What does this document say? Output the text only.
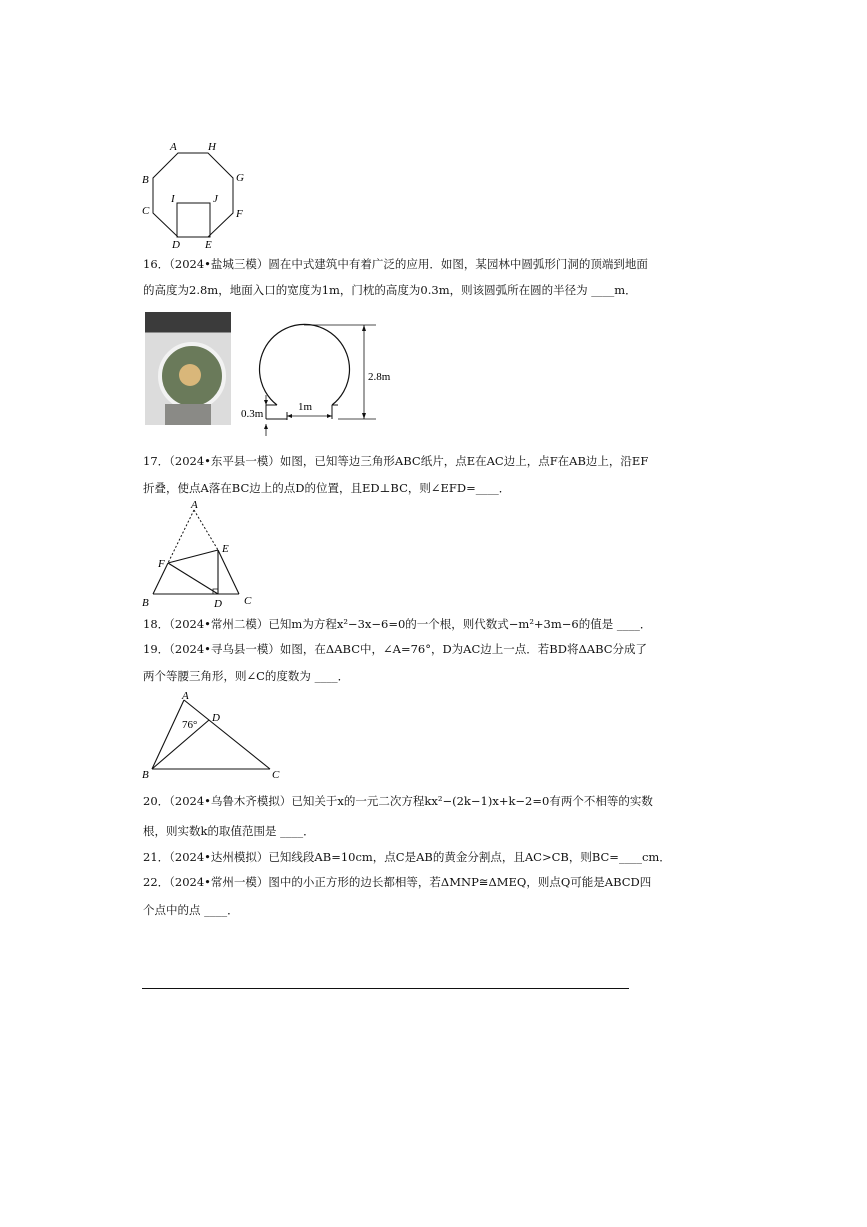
A	H
B	G
C	F
I	J
D E
16．（2024•盐城三模）圆在中式建筑中有着广泛的应用．如图，某园林中圆弧形门洞的顶端到地面
的高度为2.8m，地面入口的宽度为1m，门枕的高度为0.3m，则该圆弧所在圆的半径为 ____m．
1m
0.3m
2.8m
17．（2024•东平县一模）如图，已知等边三角形ABC纸片，点E在AC边上，点F在AB边上，沿EF
折叠，使点A落在BC边上的点D的位置，且ED⊥BC，则∠EFD=____．
A
F
E
B	D C
18．（2024•常州二模）已知m为方程x²−3x−6=0的一个根，则代数式−m²+3m−6的值是 ____．
19．（2024•寻乌县一模）如图，在ΔABC中，∠A=76°，D为AC边上一点．若BD将ΔABC分成了
两个等腰三角形，则∠C的度数为 ____．
A
D
B	C
76°
20．（2024•乌鲁木齐模拟）已知关于x的一元二次方程kx²−(2k−1)x+k−2=0有两个不相等的实数
根，则实数k的取值范围是 ____．
21．（2024•达州模拟）已知线段AB=10cm，点C是AB的黄金分割点，且AC>CB，则BC=____cm．
22．（2024•常州一模）图中的小正方形的边长都相等，若ΔMNP≅ΔMEQ，则点Q可能是ABCD四
个点中的点 ____．
